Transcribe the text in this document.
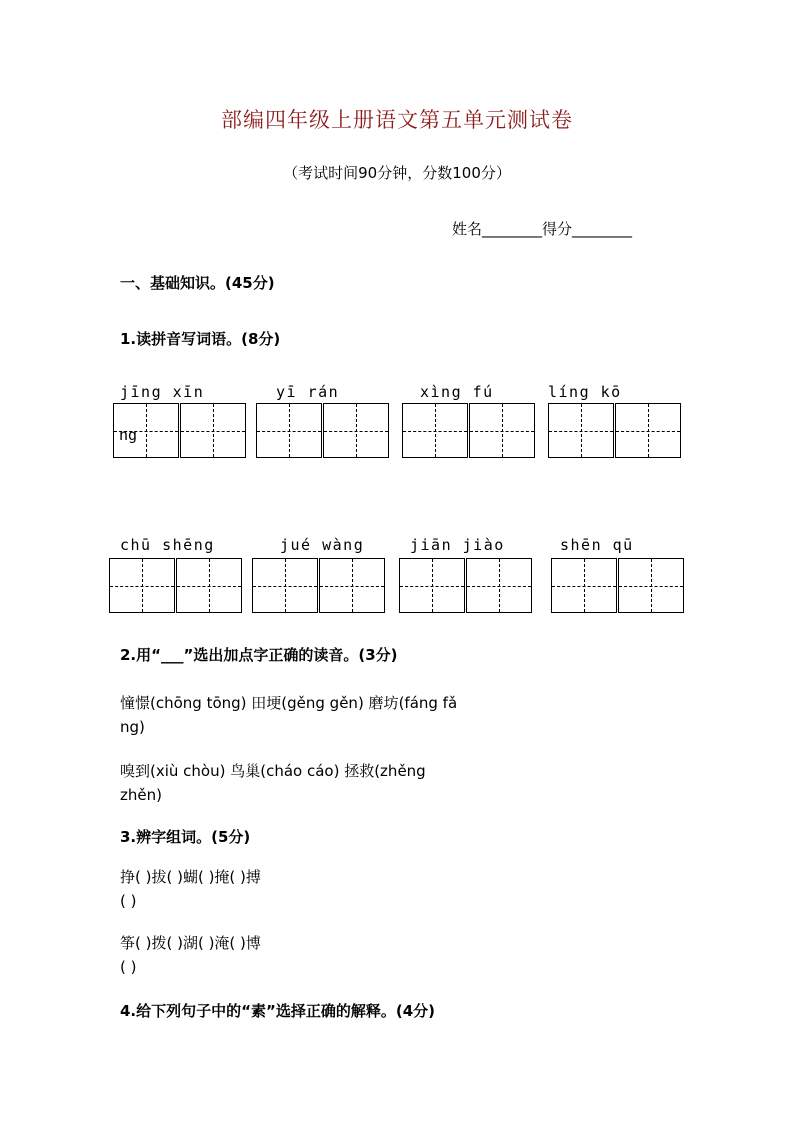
部编四年级上册语文第五单元测试卷
（考试时间90分钟，分数100分）
姓名________得分________
一、基础知识。(45分)
1.读拼音写词语。(8分)
jīng xīn	yī rán	xìng fú	líng kō
ng
chū shēng	jué wàng	jiān jiào	shēn qū
2.用“___”选出加点字正确的读音。(3分)
憧憬(chōng tōng) 田埂(gěng gěn) 磨坊(fáng fǎ
ng)
嗅到(xiù chòu) 鸟巢(cháo cáo) 拯救(zhěng
zhěn)
3.辨字组词。(5分)
挣( )拔( )蝴( )掩( )搏
( )
筝( )拨( )湖( )淹( )博
( )
4.给下列句子中的“素”选择正确的解释。(4分)
